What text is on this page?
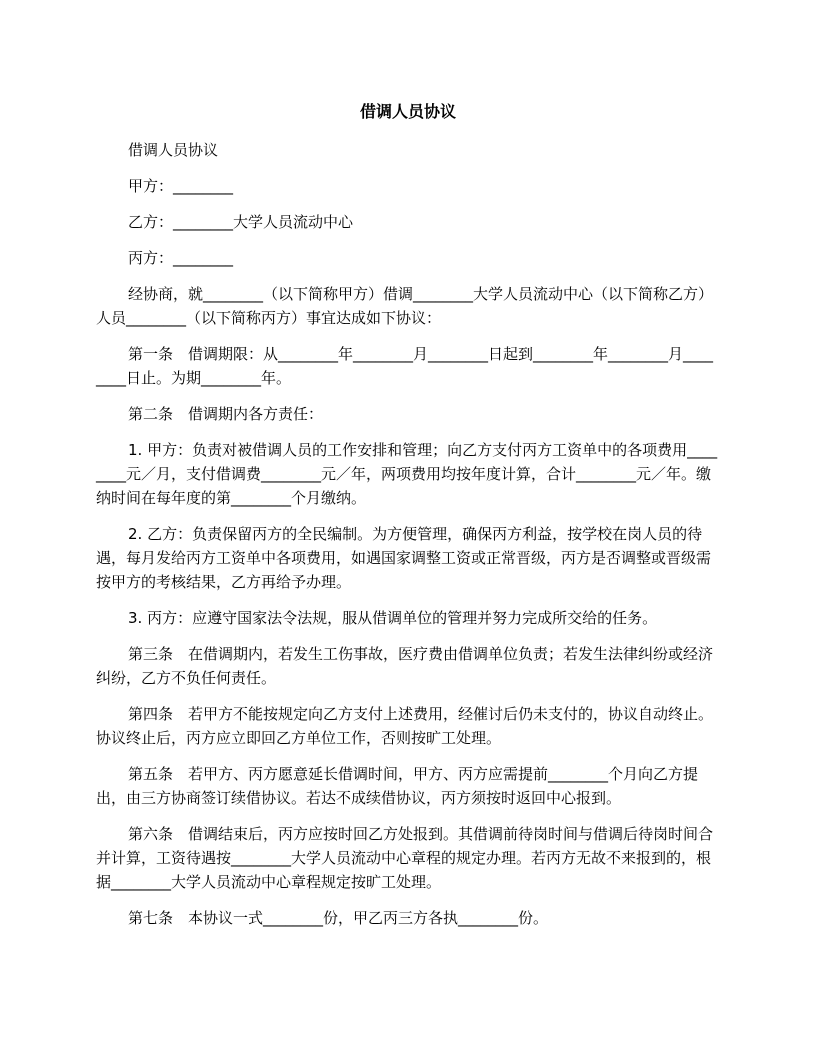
借调人员协议

借调人员协议

甲方：________

乙方：________大学人员流动中心

丙方：________

经协商，就________（以下简称甲方）借调________大学人员流动中心（以下简称乙方）人员________（以下简称丙方）事宜达成如下协议：

第一条　借调期限：从________年________月________日起到________年________月________日止。为期________年。

第二条　借调期内各方责任：

1. 甲方：负责对被借调人员的工作安排和管理；向乙方支付丙方工资单中的各项费用________元／月，支付借调费________元／年，两项费用均按年度计算，合计________元／年。缴纳时间在每年度的第________个月缴纳。

2. 乙方：负责保留丙方的全民编制。为方便管理，确保丙方利益，按学校在岗人员的待遇，每月发给丙方工资单中各项费用，如遇国家调整工资或正常晋级，丙方是否调整或晋级需按甲方的考核结果，乙方再给予办理。

3. 丙方：应遵守国家法令法规，服从借调单位的管理并努力完成所交给的任务。

第三条　在借调期内，若发生工伤事故，医疗费由借调单位负责；若发生法律纠纷或经济纠纷，乙方不负任何责任。

第四条　若甲方不能按规定向乙方支付上述费用，经催讨后仍未支付的，协议自动终止。协议终止后，丙方应立即回乙方单位工作，否则按旷工处理。

第五条　若甲方、丙方愿意延长借调时间，甲方、丙方应需提前________个月向乙方提出，由三方协商签订续借协议。若达不成续借协议，丙方须按时返回中心报到。

第六条　借调结束后，丙方应按时回乙方处报到。其借调前待岗时间与借调后待岗时间合并计算，工资待遇按________大学人员流动中心章程的规定办理。若丙方无故不来报到的，根据________大学人员流动中心章程规定按旷工处理。

第七条　本协议一式________份，甲乙丙三方各执________份。
